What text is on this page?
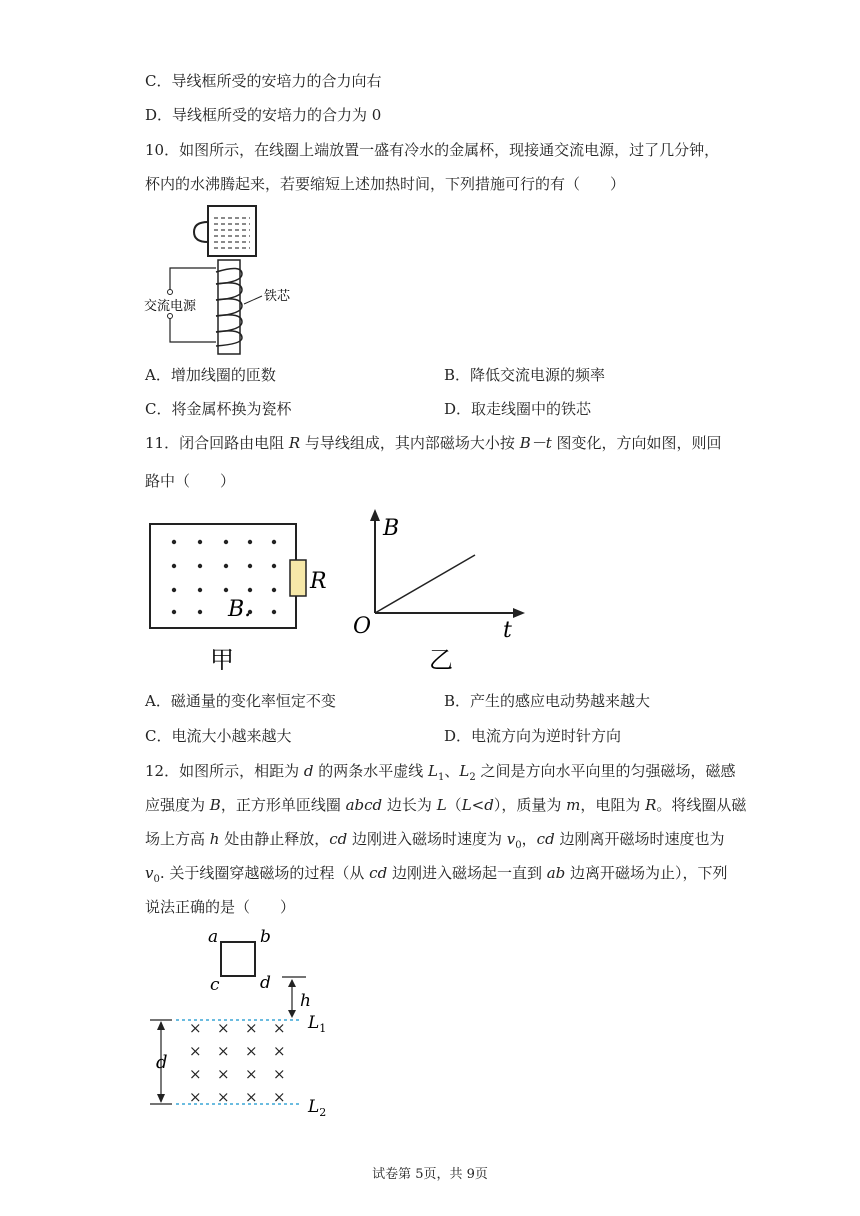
C．导线框所受的安培力的合力向右
D．导线框所受的安培力的合力为 0
10．如图所示，在线圈上端放置一盛有冷水的金属杯，现接通交流电源，过了几分钟，
杯内的水沸腾起来，若要缩短上述加热时间，下列措施可行的有（　　）
交流电源
铁芯
A．增加线圈的匝数	B．降低交流电源的频率
C．将金属杯换为瓷杯	D．取走线圈中的铁芯
11．闭合回路由电阻 R 与导线组成，其内部磁场大小按 B－t 图变化，方向如图，则回
路中（　　）
R
B.
甲
B
t
O
乙
A．磁通量的变化率恒定不变	B．产生的感应电动势越来越大
C．电流大小越来越大	D．电流方向为逆时针方向
12．如图所示，相距为 d 的两条水平虚线 $L_1$、$L_2$ 之间是方向水平向里的匀强磁场，磁感
应强度为 B，正方形单匝线圈 abcd 边长为 L（L<d），质量为 m，电阻为 R。将线圈从磁
场上方高 h 处由静止释放，cd 边刚进入磁场时速度为 $v_0$，cd 边刚离开磁场时速度也为
$v_0$. 关于线圈穿越磁场的过程（从 cd 边刚进入磁场起一直到 ab 边离开磁场为止），下列
说法正确的是（　　）
a b
c d
h
$L_1$
$L_2$
d
× × × ×
× × × ×
× × × ×
× × × ×
试卷第 5页，共 9页
